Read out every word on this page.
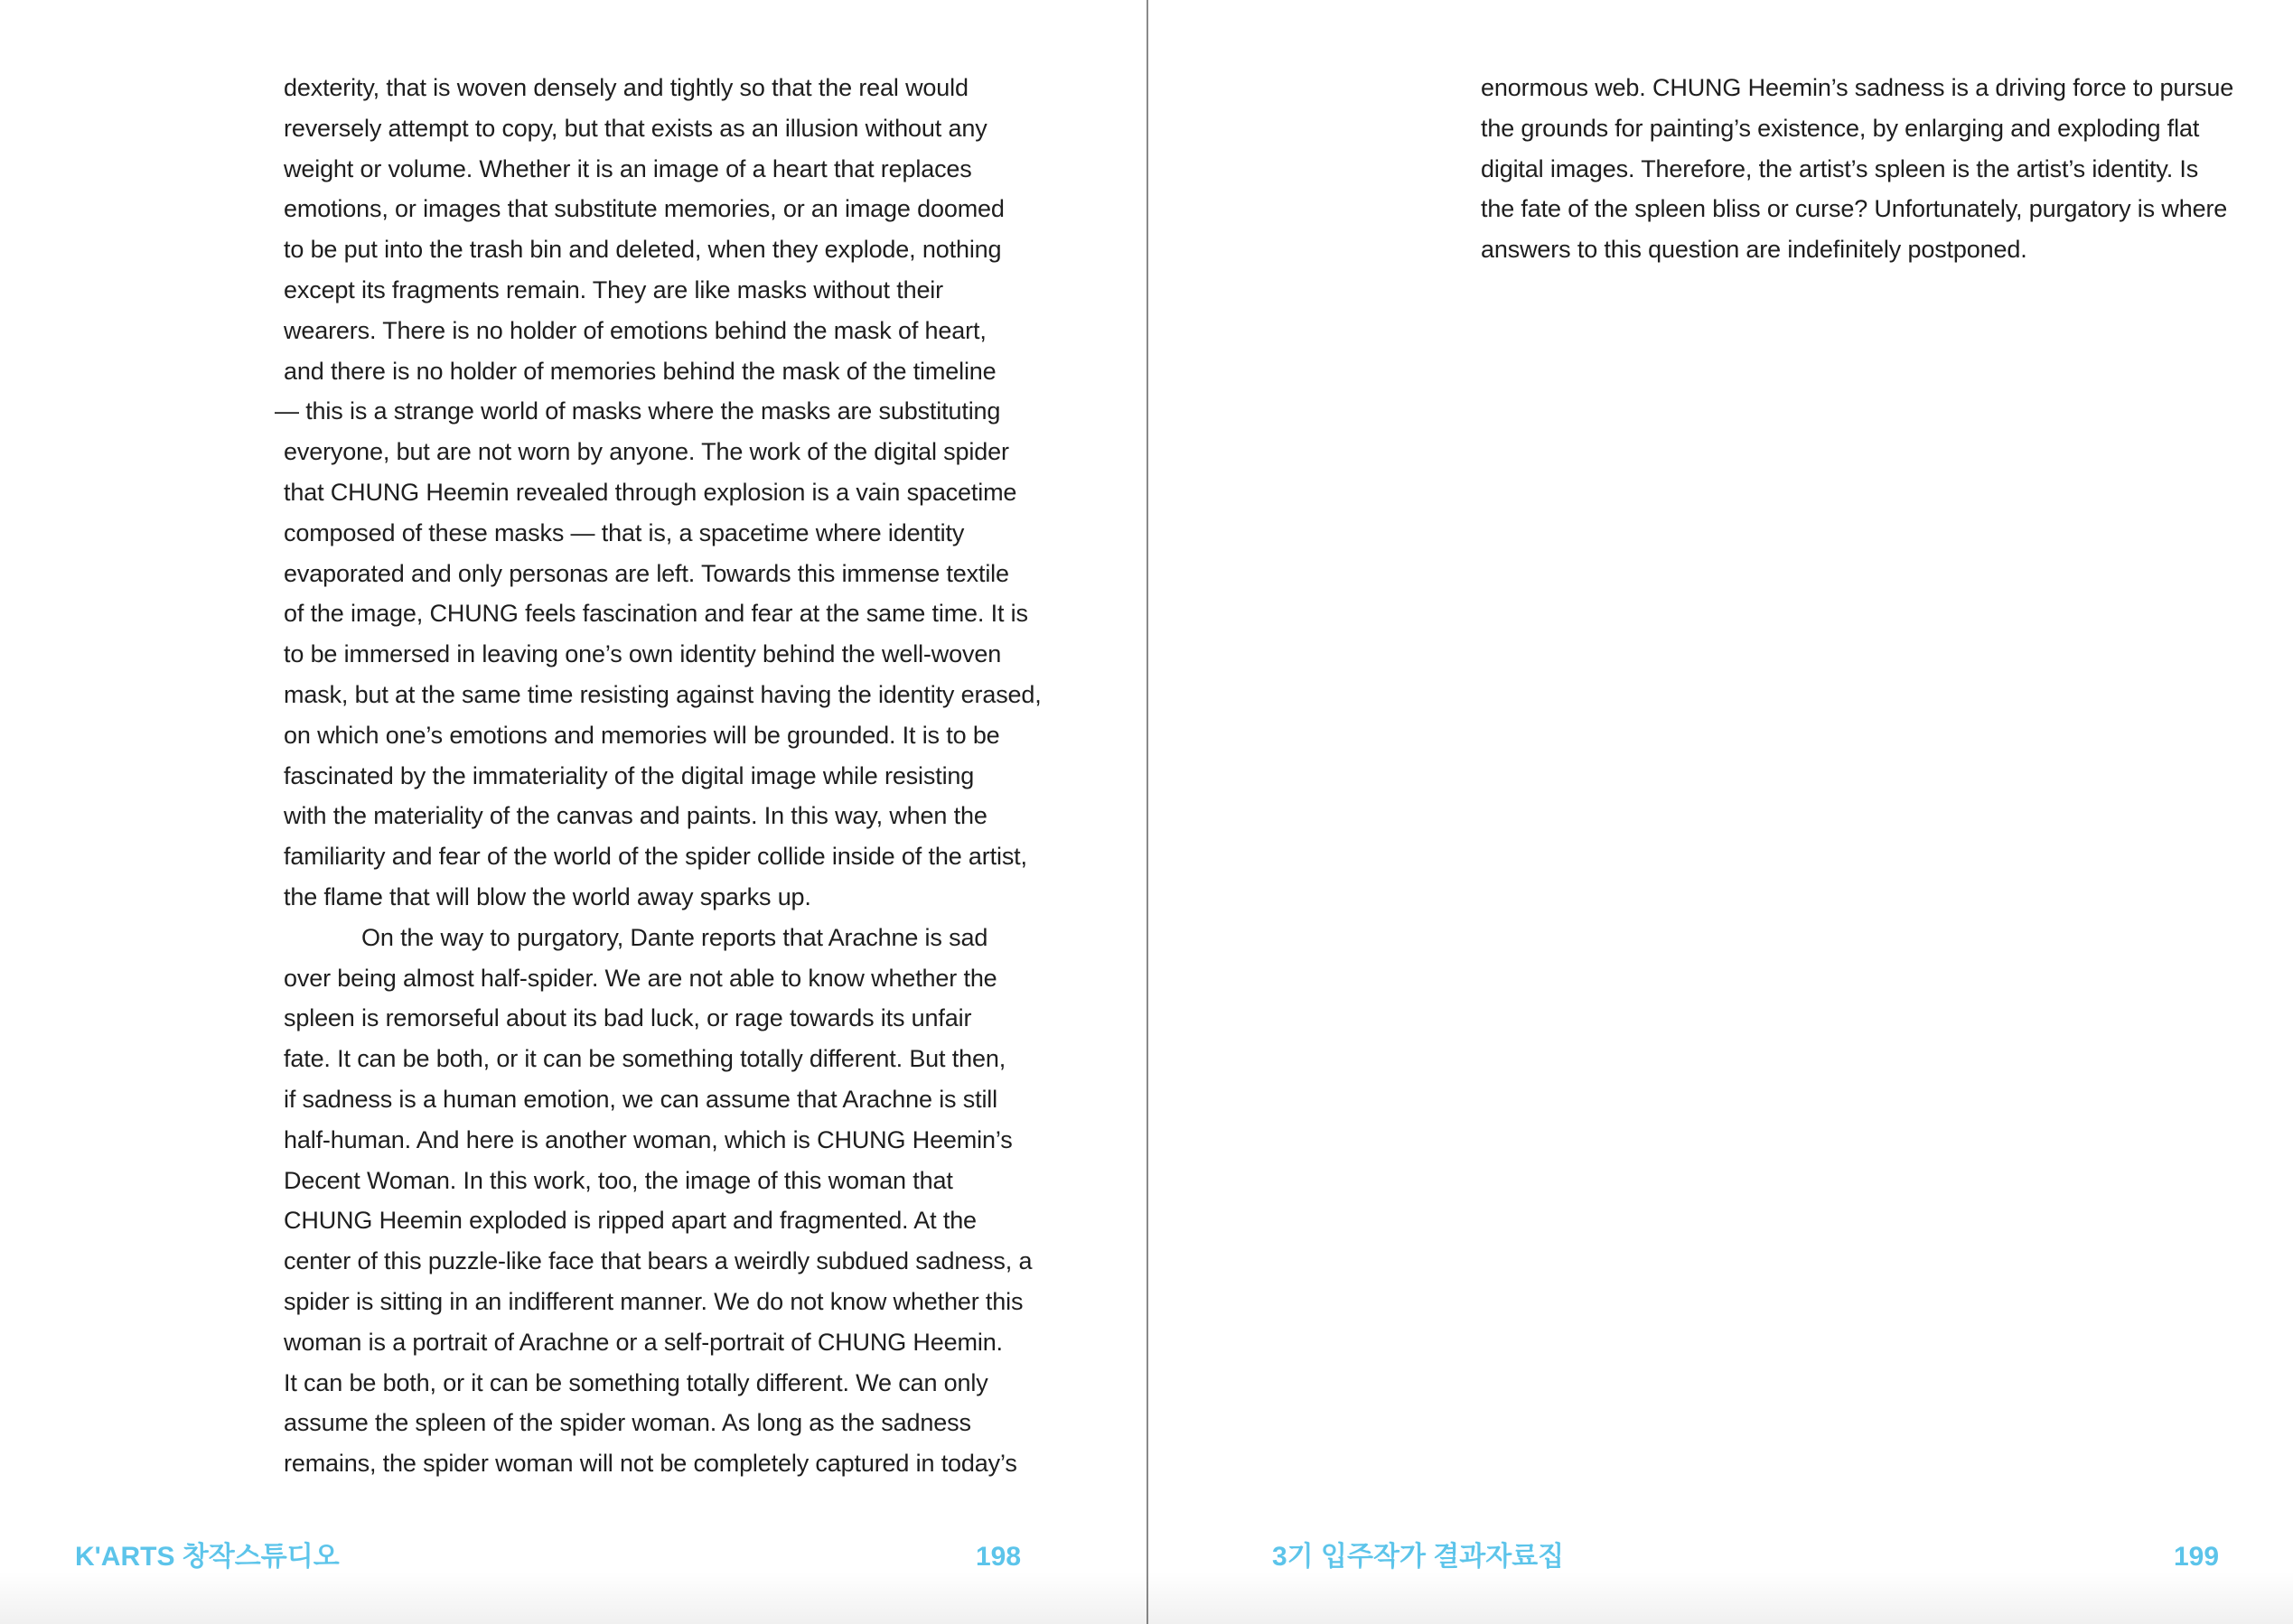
dexterity, that is woven densely and tightly so that the real would
reversely attempt to copy, but that exists as an illusion without any
weight or volume. Whether it is an image of a heart that replaces
emotions, or images that substitute memories, or an image doomed
to be put into the trash bin and deleted, when they explode, nothing
except its fragments remain. They are like masks without their
wearers. There is no holder of emotions behind the mask of heart,
and there is no holder of memories behind the mask of the timeline
— this is a strange world of masks where the masks are substituting
everyone, but are not worn by anyone. The work of the digital spider
that CHUNG Heemin revealed through explosion is a vain spacetime
composed of these masks — that is, a spacetime where identity
evaporated and only personas are left. Towards this immense textile
of the image, CHUNG feels fascination and fear at the same time. It is
to be immersed in leaving one’s own identity behind the well-woven
mask, but at the same time resisting against having the identity erased,
on which one’s emotions and memories will be grounded. It is to be
fascinated by the immateriality of the digital image while resisting
with the materiality of the canvas and paints. In this way, when the
familiarity and fear of the world of the spider collide inside of the artist,
the flame that will blow the world away sparks up.
On the way to purgatory, Dante reports that Arachne is sad
over being almost half-spider. We are not able to know whether the
spleen is remorseful about its bad luck, or rage towards its unfair
fate. It can be both, or it can be something totally different. But then,
if sadness is a human emotion, we can assume that Arachne is still
half-human. And here is another woman, which is CHUNG Heemin’s
Decent Woman. In this work, too, the image of this woman that
CHUNG Heemin exploded is ripped apart and fragmented. At the
center of this puzzle-like face that bears a weirdly subdued sadness, a
spider is sitting in an indifferent manner. We do not know whether this
woman is a portrait of Arachne or a self-portrait of CHUNG Heemin.
It can be both, or it can be something totally different. We can only
assume the spleen of the spider woman. As long as the sadness
remains, the spider woman will not be completely captured in today’s
K'ARTS 창작스튜디오	198
enormous web. CHUNG Heemin’s sadness is a driving force to pursue
the grounds for painting’s existence, by enlarging and exploding flat
digital images. Therefore, the artist’s spleen is the artist’s identity. Is
the fate of the spleen bliss or curse? Unfortunately, purgatory is where
answers to this question are indefinitely postponed.
3기 입주작가 결과자료집	199
